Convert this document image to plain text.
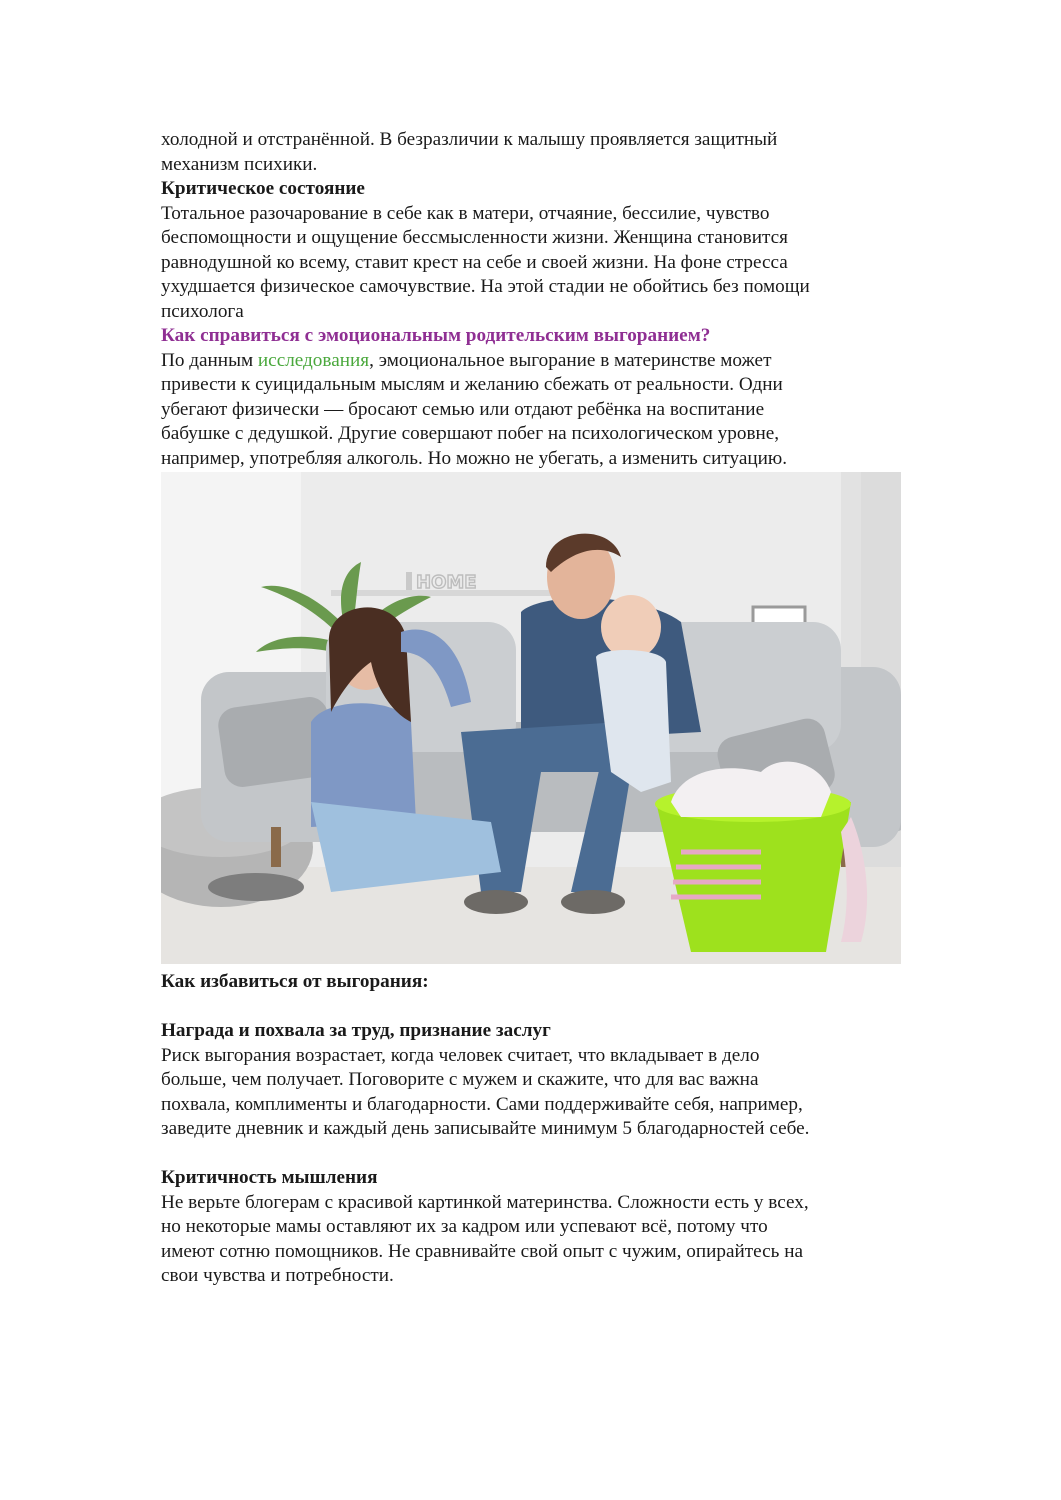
холодной и отстранённой. В безразличии к малышу проявляется защитный

механизм психики.

Критическое состояние

Тотальное разочарование в себе как в матери, отчаяние, бессилие, чувство

беспомощности и ощущение бессмысленности жизни. Женщина становится

равнодушной ко всему, ставит крест на себе и своей жизни. На фоне стресса

ухудшается физическое самочувствие. На этой стадии не обойтись без помощи

психолога

Как справиться с эмоциональным родительским выгоранием?

По данным исследования, эмоциональное выгорание в материнстве может

привести к суицидальным мыслям и желанию сбежать от реальности. Одни

убегают физически — бросают семью или отдают ребёнка на воспитание

бабушке с дедушкой. Другие совершают побег на психологическом уровне,

например, употребляя алкоголь. Но можно не убегать, а изменить ситуацию.

HOME

Как избавиться от выгорания:

Награда и похвала за труд, признание заслуг

Риск выгорания возрастает, когда человек считает, что вкладывает в дело

больше, чем получает. Поговорите с мужем и скажите, что для вас важна

похвала, комплименты и благодарности. Сами поддерживайте себя, например,

заведите дневник и каждый день записывайте минимум 5 благодарностей себе.

Критичность мышления

Не верьте блогерам с красивой картинкой материнства. Сложности есть у всех,

но некоторые мамы оставляют их за кадром или успевают всё, потому что

имеют сотню помощников. Не сравнивайте свой опыт с чужим, опирайтесь на

свои чувства и потребности.
